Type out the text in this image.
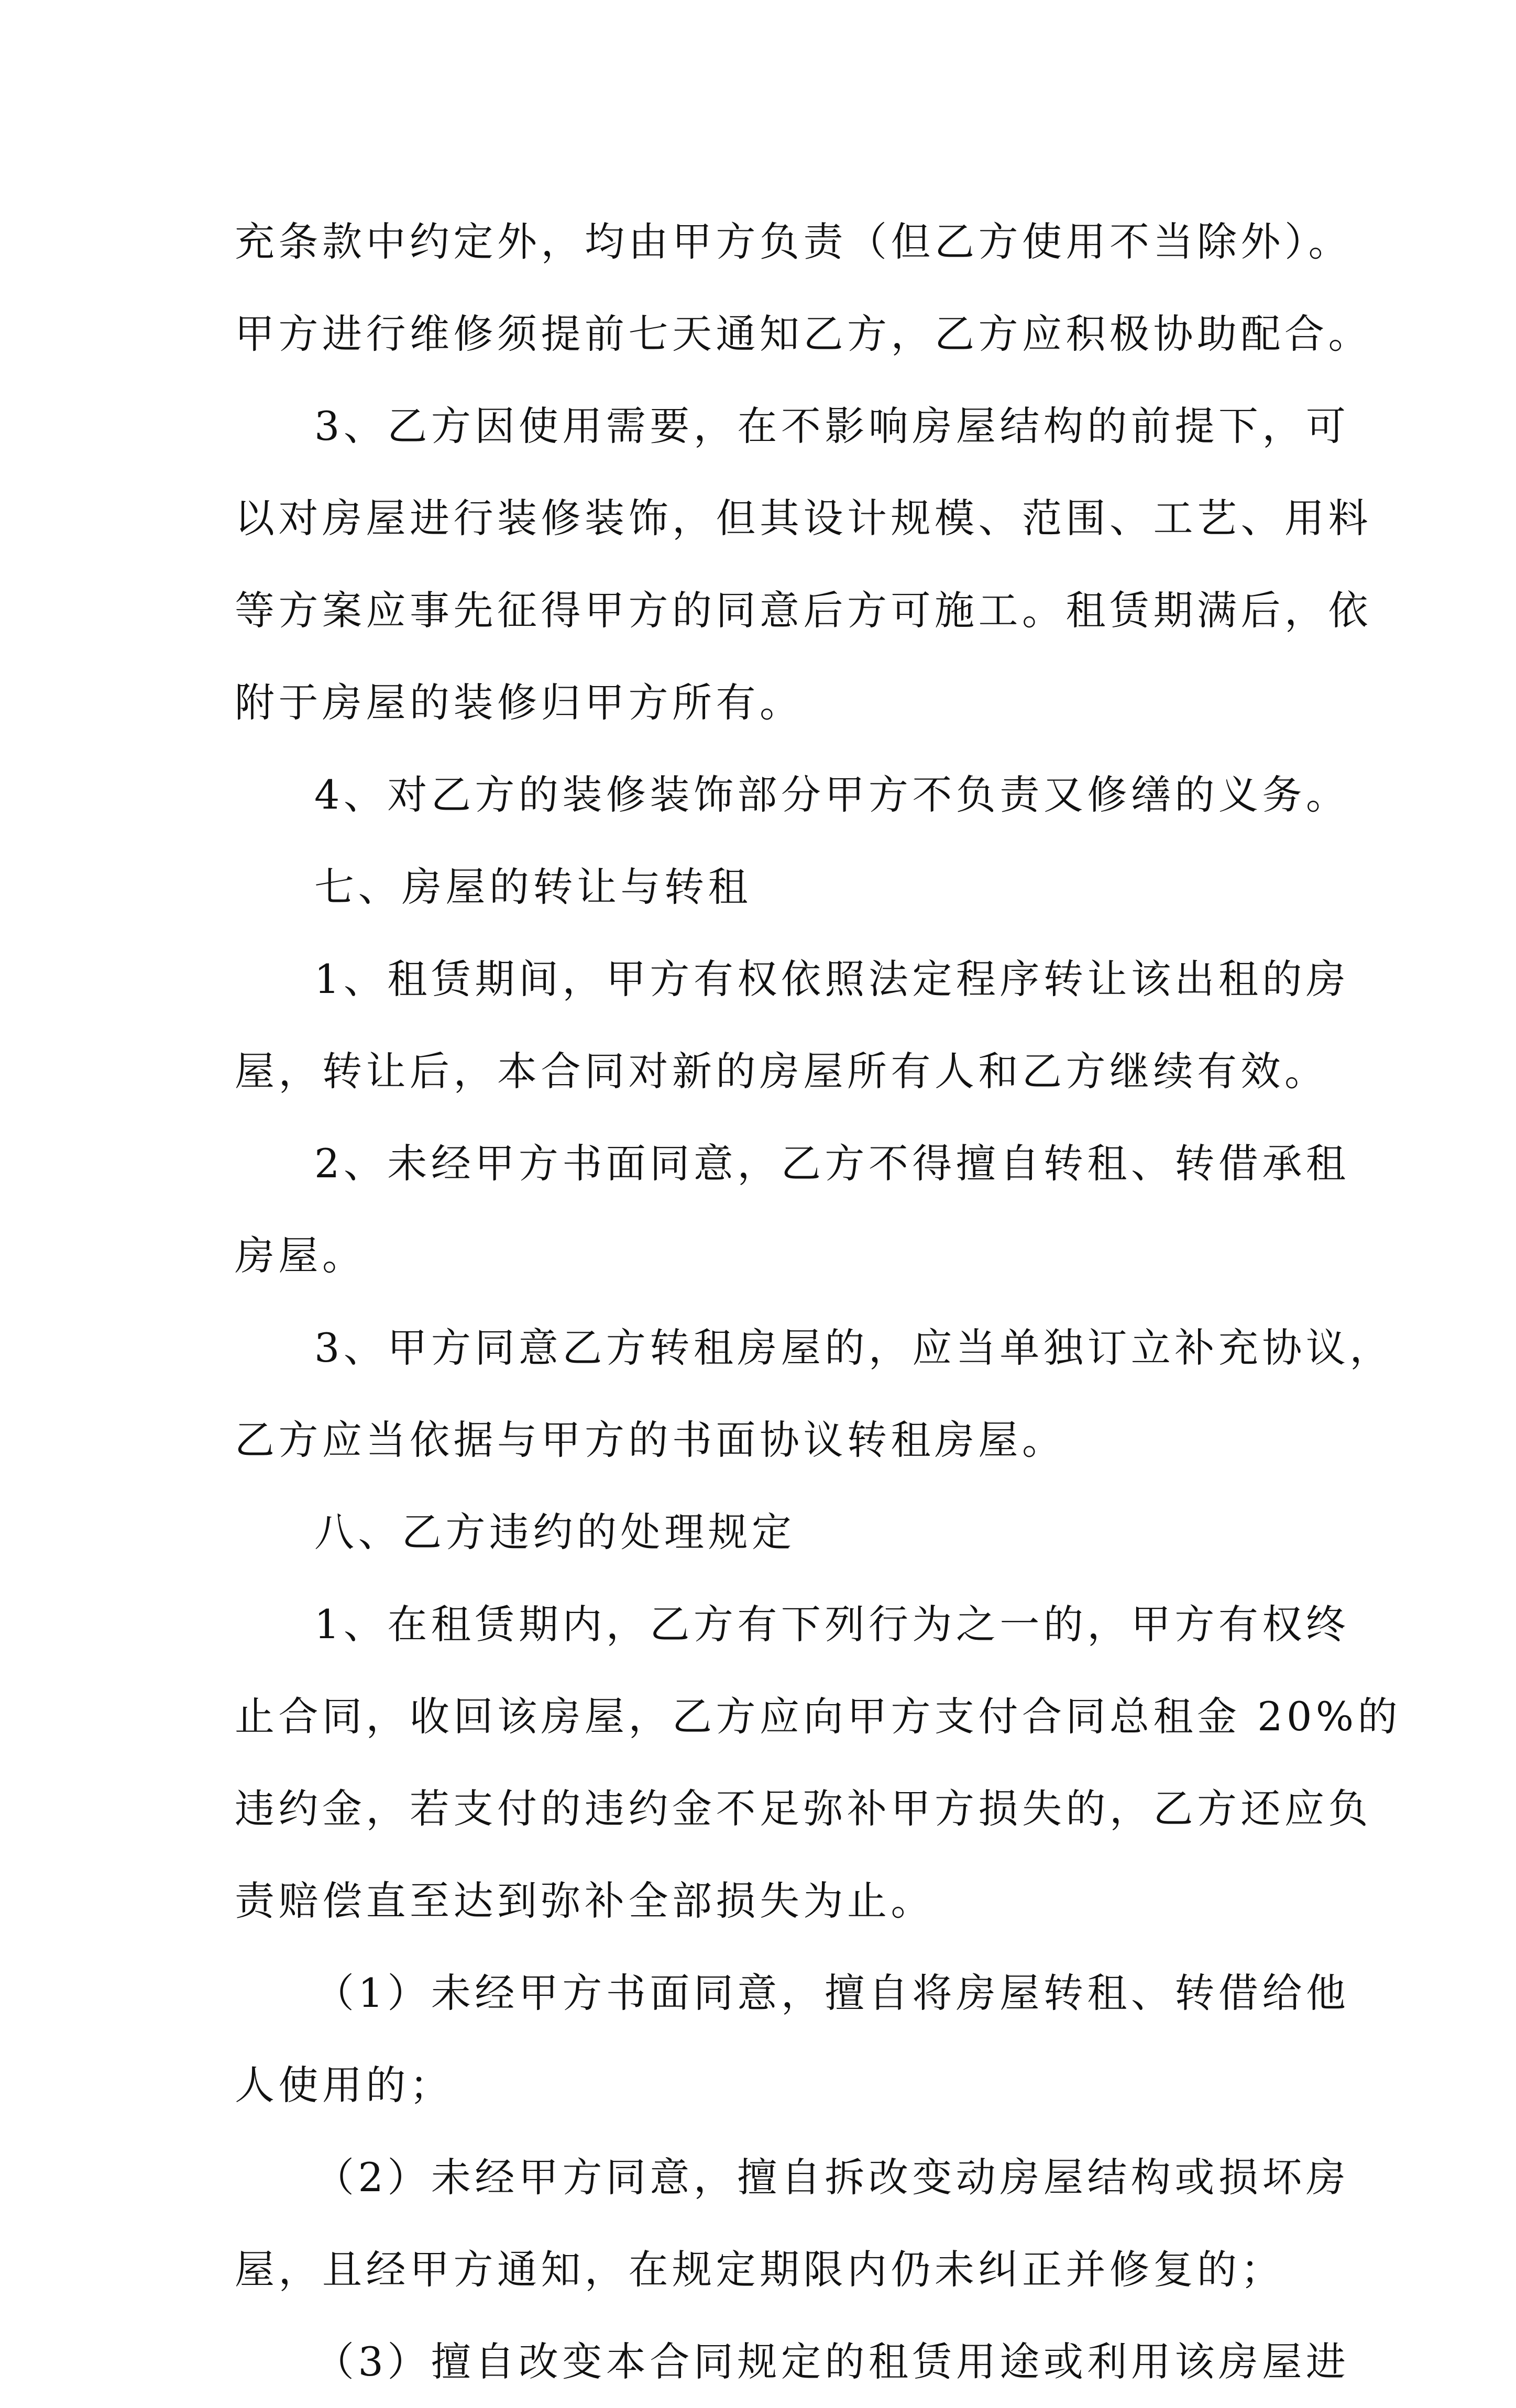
充条款中约定外，均由甲方负责（但乙方使用不当除外）。
甲方进行维修须提前七天通知乙方，乙方应积极协助配合。
3、乙方因使用需要，在不影响房屋结构的前提下，可
以对房屋进行装修装饰，但其设计规模、范围、工艺、用料
等方案应事先征得甲方的同意后方可施工。租赁期满后，依
附于房屋的装修归甲方所有。
4、对乙方的装修装饰部分甲方不负责又修缮的义务。
七、房屋的转让与转租
1、租赁期间，甲方有权依照法定程序转让该出租的房
屋，转让后，本合同对新的房屋所有人和乙方继续有效。
2、未经甲方书面同意，乙方不得擅自转租、转借承租
房屋。
3、甲方同意乙方转租房屋的，应当单独订立补充协议，
乙方应当依据与甲方的书面协议转租房屋。
八、乙方违约的处理规定
1、在租赁期内，乙方有下列行为之一的，甲方有权终
止合同，收回该房屋，乙方应向甲方支付合同总租金 20%的
违约金，若支付的违约金不足弥补甲方损失的，乙方还应负
责赔偿直至达到弥补全部损失为止。
（1）未经甲方书面同意，擅自将房屋转租、转借给他
人使用的；
（2）未经甲方同意，擅自拆改变动房屋结构或损坏房
屋，且经甲方通知，在规定期限内仍未纠正并修复的；
（3）擅自改变本合同规定的租赁用途或利用该房屋进
